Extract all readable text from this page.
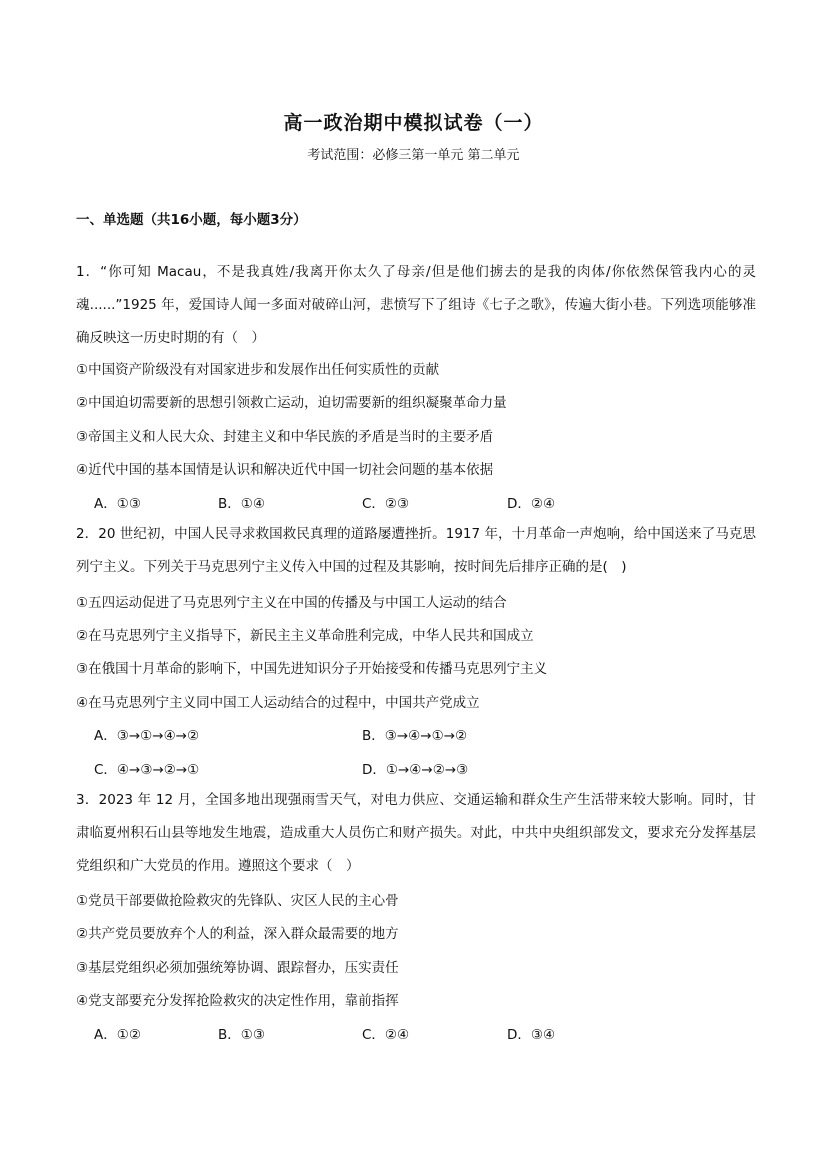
高一政治期中模拟试卷（一）
考试范围：必修三第一单元 第二单元
一、单选题（共16小题，每小题3分）
1．“你可知 Macau，不是我真姓/我离开你太久了母亲/但是他们掳去的是我的肉体/你依然保管我内心的灵魂......”1925 年，爱国诗人闻一多面对破碎山河，悲愤写下了组诗《七子之歌》，传遍大街小巷。下列选项能够准确反映这一历史时期的有（　）
①中国资产阶级没有对国家进步和发展作出任何实质性的贡献
②中国迫切需要新的思想引领救亡运动，迫切需要新的组织凝聚革命力量
③帝国主义和人民大众、封建主义和中华民族的矛盾是当时的主要矛盾
④近代中国的基本国情是认识和解决近代中国一切社会问题的基本依据
A．①③	B．①④	C．②③	D．②④
2．20 世纪初，中国人民寻求救国救民真理的道路屡遭挫折。1917 年，十月革命一声炮响，给中国送来了马克思列宁主义。下列关于马克思列宁主义传入中国的过程及其影响，按时间先后排序正确的是(　)
①五四运动促进了马克思列宁主义在中国的传播及与中国工人运动的结合
②在马克思列宁主义指导下，新民主主义革命胜利完成，中华人民共和国成立
③在俄国十月革命的影响下，中国先进知识分子开始接受和传播马克思列宁主义
④在马克思列宁主义同中国工人运动结合的过程中，中国共产党成立
A．③→①→④→②	B．③→④→①→②
C．④→③→②→①	D．①→④→②→③
3．2023 年 12 月，全国多地出现强雨雪天气，对电力供应、交通运输和群众生产生活带来较大影响。同时，甘肃临夏州积石山县等地发生地震，造成重大人员伤亡和财产损失。对此，中共中央组织部发文，要求充分发挥基层党组织和广大党员的作用。遵照这个要求（　）
①党员干部要做抢险救灾的先锋队、灾区人民的主心骨
②共产党员要放弃个人的利益，深入群众最需要的地方
③基层党组织必须加强统筹协调、跟踪督办，压实责任
④党支部要充分发挥抢险救灾的决定性作用，靠前指挥
A．①②	B．①③	C．②④	D．③④
